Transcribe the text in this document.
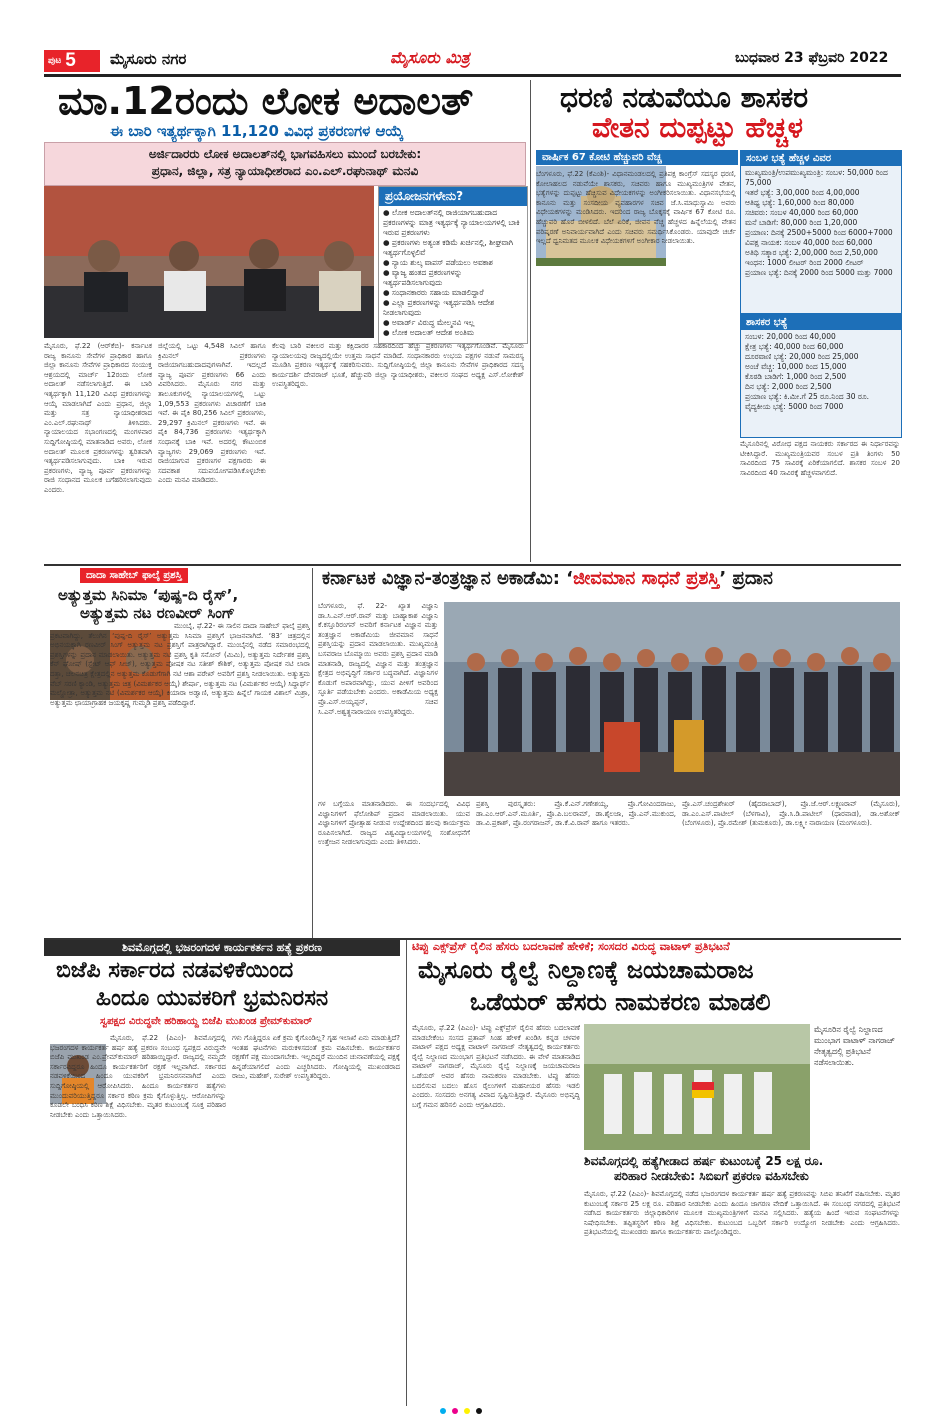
ಪುಟ 5 ಮೈಸೂರು ನಗರ	ಮೈಸೂರು ಮಿತ್ರ	ಬುಧವಾರ 23 ಫೆಬ್ರವರಿ 2022
ಮಾ.12ರಂದು ಲೋಕ ಅದಾಲತ್
ಈ ಬಾರಿ ಇತ್ಯರ್ಥಕ್ಕಾಗಿ 11,120 ವಿವಿಧ ಪ್ರಕರಣಗಳ ಆಯ್ಕೆ
ಅರ್ಜಿದಾರರು ಲೋಕ ಅದಾಲತ್‌ನಲ್ಲಿ ಭಾಗವಹಿಸಲು ಮುಂದೆ ಬರಬೇಕು:
ಪ್ರಧಾನ, ಜಿಲ್ಲಾ, ಸತ್ರ ನ್ಯಾಯಾಧೀಶರಾದ ಎಂ.ಎಲ್.ರಘುನಾಥ್ ಮನವಿ
ಪ್ರಯೋಜನಗಳೇನು?
● ಲೋಕ ಅದಾಲತ್‌ನಲ್ಲಿ ರಾಜಿಯಾಗಬಹುದಾದ ಪ್ರಕರಣಗಳನ್ನು ಮಾತ್ರ ಇತ್ಯರ್ಥಕ್ಕೆ ನ್ಯಾಯಾಲಯಗಳಲ್ಲಿ ಬಾಕಿ ಇರುವ ಪ್ರಕರಣಗಳು
● ಪ್ರಕರಣಗಳು ಅತ್ಯಂತ ಕಡಿಮೆ ಖರ್ಚಿನಲ್ಲಿ, ಶೀಘ್ರವಾಗಿ ಇತ್ಯರ್ಥಗೊಳ್ಳಲಿವೆ
● ನ್ಯಾಯ ಶುಲ್ಕ ವಾಪಸ್ ಪಡೆಯಲು ಅವಕಾಶ
● ವ್ಯಾಜ್ಯ ಹಂತದ ಪ್ರಕರಣಗಳನ್ನು ಇತ್ಯರ್ಥಪಡಿಸಲಾಗುವುದು
● ಸಂಧಾನಕಾರರು ಸಹಾಯ ಮಾಡಲಿದ್ದಾರೆ
● ಎಲ್ಲಾ ಪ್ರಕರಣಗಳನ್ನು ಇತ್ಯರ್ಥಪಡಿಸಿ ಆದೇಶ ನೀಡಲಾಗುವುದು
● ಅವಾರ್ಡ್ ವಿರುದ್ಧ ಮೇಲ್ಮನವಿ ಇಲ್ಲ
● ಲೋಕ ಅದಾಲತ್ ಆದೇಶ ಅಂತಿಮ
ಮೈಸೂರು, ಫೆ.22 (ಆರ್‌ಕೆಬಿ)- ಕರ್ನಾಟಕ ರಾಜ್ಯ ಕಾನೂನು ಸೇವೆಗಳ ಪ್ರಾಧಿಕಾರ ಹಾಗೂ ಜಿಲ್ಲಾ ಕಾನೂನು ಸೇವೆಗಳ ಪ್ರಾಧಿಕಾರದ ಸಂಯುಕ್ತ ಆಶ್ರಯದಲ್ಲಿ ಮಾರ್ಚ್ 12ರಂದು ಲೋಕ ಅದಾಲತ್ ನಡೆಸಲಾಗುತ್ತಿದೆ. ಈ ಬಾರಿ ಇತ್ಯರ್ಥಕ್ಕಾಗಿ 11,120 ವಿವಿಧ ಪ್ರಕರಣಗಳನ್ನು ಆಯ್ಕೆ ಮಾಡಲಾಗಿದೆ ಎಂದು ಪ್ರಧಾನ, ಜಿಲ್ಲಾ ಮತ್ತು ಸತ್ರ ನ್ಯಾಯಾಧೀಶರಾದ ಎಂ.ಎಲ್.ರಘುನಾಥ್ ತಿಳಿಸಿದರು. ನ್ಯಾಯಾಲಯದ ಸಭಾಂಗಣದಲ್ಲಿ ಮಂಗಳವಾರ ಸುದ್ದಿಗೋಷ್ಠಿಯಲ್ಲಿ ಮಾತನಾಡಿದ ಅವರು, ಲೋಕ ಅದಾಲತ್ ಮೂಲಕ ಪ್ರಕರಣಗಳನ್ನು ತ್ವರಿತವಾಗಿ ಇತ್ಯರ್ಥಪಡಿಸಲಾಗುವುದು. ಬಾಕಿ ಇರುವ ಪ್ರಕರಣಗಳು, ವ್ಯಾಜ್ಯ ಪೂರ್ವ ಪ್ರಕರಣಗಳನ್ನು ರಾಜಿ ಸಂಧಾನದ ಮೂಲಕ ಬಗೆಹರಿಸಲಾಗುವುದು ಎಂದರು.
ಜಿಲ್ಲೆಯಲ್ಲಿ ಒಟ್ಟು 4,548 ಸಿವಿಲ್ ಹಾಗೂ ಕ್ರಿಮಿನಲ್ ಪ್ರಕರಣಗಳು ರಾಜಿಯಾಗಬಹುದಾದವುಗಳಾಗಿವೆ. ಇದಲ್ಲದೆ ವ್ಯಾಜ್ಯ ಪೂರ್ವ ಪ್ರಕರಣಗಳು 66 ಎಂದು ವಿವರಿಸಿದರು. ಮೈಸೂರು ನಗರ ಮತ್ತು ತಾಲೂಕುಗಳಲ್ಲಿ ನ್ಯಾಯಾಲಯಗಳಲ್ಲಿ ಒಟ್ಟು 1,09,553 ಪ್ರಕರಣಗಳು ವಿಚಾರಣೆಗೆ ಬಾಕಿ ಇವೆ. ಈ ಪೈಕಿ 80,256 ಸಿವಿಲ್ ಪ್ರಕರಣಗಳು, 29,297 ಕ್ರಿಮಿನಲ್ ಪ್ರಕರಣಗಳು ಇವೆ. ಈ ಪೈಕಿ 84,736 ಪ್ರಕರಣಗಳು ಇತ್ಯರ್ಥಕ್ಕಾಗಿ ಸಂಧಾನಕ್ಕೆ ಬಾಕಿ ಇವೆ. ಅದರಲ್ಲಿ ಕೌಟುಂಬಿಕ ವ್ಯಾಜ್ಯಗಳು 29,069 ಪ್ರಕರಣಗಳು ಇವೆ. ರಾಜಿಯಾಗುವ ಪ್ರಕರಣಗಳ ಪಕ್ಷಗಾರರು ಈ ಸದವಕಾಶ ಸದುಪಯೋಗಪಡಿಸಿಕೊಳ್ಳಬೇಕು ಎಂದು ಮನವಿ ಮಾಡಿದರು.
ಕೆಲವು ಬಾರಿ ವಕೀಲರ ಮತ್ತು ಕಕ್ಷಿದಾರರ ಸಹಕಾರದಿಂದ ಹೆಚ್ಚು ಪ್ರಕರಣಗಳು ಇತ್ಯರ್ಥಗೊಂಡಿವೆ. ಮೈಸೂರು ನ್ಯಾಯಾಲಯವು ರಾಜ್ಯದಲ್ಲಿಯೇ ಉತ್ತಮ ಸಾಧನೆ ಮಾಡಿದೆ. ಸಂಧಾನಕಾರರು ಉಭಯ ಪಕ್ಷಗಳ ನಡುವೆ ಸಾಮರಸ್ಯ ಮೂಡಿಸಿ ಪ್ರಕರಣ ಇತ್ಯರ್ಥಕ್ಕೆ ಸಹಕರಿಸುವರು. ಸುದ್ದಿಗೋಷ್ಠಿಯಲ್ಲಿ ಜಿಲ್ಲಾ ಕಾನೂನು ಸೇವೆಗಳ ಪ್ರಾಧಿಕಾರದ ಸದಸ್ಯ ಕಾರ್ಯದರ್ಶಿ ದೇವರಾಜ್ ಭೂತೆ, ಹೆಚ್ಚುವರಿ ಜಿಲ್ಲಾ ನ್ಯಾಯಾಧೀಶರು, ವಕೀಲರ ಸಂಘದ ಅಧ್ಯಕ್ಷ ಎಸ್.ಲೋಕೇಶ್ ಉಪಸ್ಥಿತರಿದ್ದರು.
ಧರಣಿ ನಡುವೆಯೂ ಶಾಸಕರ
ವೇತನ ದುಪ್ಪಟ್ಟು ಹೆಚ್ಚಳ
ವಾರ್ಷಿಕ 67 ಕೋಟಿ ಹೆಚ್ಚುವರಿ ವೆಚ್ಚ
ಬೆಂಗಳೂರು, ಫೆ.22 (ಕೆಎಂಶಿ)- ವಿಧಾನಮಂಡಲದಲ್ಲಿ ಪ್ರತಿಪಕ್ಷ ಕಾಂಗ್ರೆಸ್ ಸದಸ್ಯರ ಧರಣಿ, ಕೋಲಾಹಲದ ನಡುವೆಯೇ ಶಾಸಕರು, ಸಚಿವರು ಹಾಗೂ ಮುಖ್ಯಮಂತ್ರಿಗಳ ವೇತನ, ಭತ್ಯೆಗಳನ್ನು ದುಪ್ಪಟ್ಟು ಹೆಚ್ಚಿಸುವ ವಿಧೇಯಕಗಳನ್ನು ಅಂಗೀಕರಿಸಲಾಯಿತು. ವಿಧಾನಸಭೆಯಲ್ಲಿ ಕಾನೂನು ಮತ್ತು ಸಂಸದೀಯ ವ್ಯವಹಾರಗಳ ಸಚಿವ ಜೆ.ಸಿ.ಮಾಧುಸ್ವಾಮಿ ಅವರು ವಿಧೇಯಕಗಳನ್ನು ಮಂಡಿಸಿದರು. ಇದರಿಂದ ರಾಜ್ಯ ಬೊಕ್ಕಸಕ್ಕೆ ವಾರ್ಷಿಕ 67 ಕೋಟಿ ರೂ. ಹೆಚ್ಚುವರಿ ಹೊರೆ ಬೀಳಲಿದೆ. ಬೆಲೆ ಏರಿಕೆ, ಜೀವನ ವೆಚ್ಚ ಹೆಚ್ಚಳದ ಹಿನ್ನೆಲೆಯಲ್ಲಿ ವೇತನ ಪರಿಷ್ಕರಣೆ ಅನಿವಾರ್ಯವಾಗಿದೆ ಎಂದು ಸಚಿವರು ಸಮರ್ಥಿಸಿಕೊಂಡರು. ಯಾವುದೇ ಚರ್ಚೆ ಇಲ್ಲದೆ ಧ್ವನಿಮತದ ಮೂಲಕ ವಿಧೇಯಕಗಳಿಗೆ ಅಂಗೀಕಾರ ನೀಡಲಾಯಿತು.
ಸಂಬಳ ಭತ್ಯೆ ಹೆಚ್ಚಳ ವಿವರ
ಮುಖ್ಯಮಂತ್ರಿ/ಉಪಮುಖ್ಯಮಂತ್ರಿ: ಸಂಬಳ: 50,000 ರಿಂದ 75,000
ಇತರೆ ಭತ್ಯೆ: 3,00,000 ರಿಂದ 4,00,000
ಆತಿಥ್ಯ ಭತ್ಯೆ: 1,60,000 ರಿಂದ 80,000
ಸಚಿವರು: ಸಂಬಳ 40,000 ರಿಂದ 60,000
ಮನೆ ಬಾಡಿಗೆ: 80,000 ರಿಂದ 1,20,000
ಪ್ರಯಾಣ: ದಿನಕ್ಕೆ 2500+5000 ರಿಂದ 6000+7000
ವಿಪಕ್ಷ ನಾಯಕ: ಸಂಬಳ 40,000 ರಿಂದ 60,000
ಅತಿಥಿ ಸತ್ಕಾರ ಭತ್ಯೆ: 2,00,000 ರಿಂದ 2,50,000
ಇಂಧನ: 1000 ಲೀಟರ್ ರಿಂದ 2000 ಲೀಟರ್
ಪ್ರಯಾಣ ಭತ್ಯೆ: ದಿನಕ್ಕೆ 2000 ರಿಂದ 5000 ಮತ್ತು 7000
ಶಾಸಕರ ಭತ್ಯೆ
ಸಂಬಳ: 20,000 ರಿಂದ 40,000
ಕ್ಷೇತ್ರ ಭತ್ಯೆ: 40,000 ರಿಂದ 60,000
ದೂರವಾಣಿ ಭತ್ಯೆ: 20,000 ರಿಂದ 25,000
ಅಂಚೆ ವೆಚ್ಚ: 10,000 ರಿಂದ 15,000
ಕೊಠಡಿ ಬಾಡಿಗೆ: 1,000 ರಿಂದ 2,500
ದಿನ ಭತ್ಯೆ: 2,000 ರಿಂದ 2,500
ಪ್ರಯಾಣ ಭತ್ಯೆ: ಕಿ.ಮೀ.ಗೆ 25 ರೂ.ನಿಂದ 30 ರೂ.
ವೈದ್ಯಕೀಯ ಭತ್ಯೆ: 5000 ರಿಂದ 7000
ಮೈಸೂರಿನಲ್ಲಿ ವಿರೋಧ ಪಕ್ಷದ ನಾಯಕರು ಸರ್ಕಾರದ ಈ ನಿರ್ಧಾರವನ್ನು ಟೀಕಿಸಿದ್ದಾರೆ. ಮುಖ್ಯಮಂತ್ರಿಯವರ ಸಂಬಳ ಪ್ರತಿ ತಿಂಗಳು 50 ಸಾವಿರದಿಂದ 75 ಸಾವಿರಕ್ಕೆ ಏರಿಕೆಯಾಗಲಿದೆ. ಶಾಸಕರ ಸಂಬಳ 20 ಸಾವಿರದಿಂದ 40 ಸಾವಿರಕ್ಕೆ ಹೆಚ್ಚಳವಾಗಲಿದೆ.
ದಾದಾ ಸಾಹೇಬ್ ಫಾಲ್ಕೆ ಪ್ರಶಸ್ತಿ
ಅತ್ಯುತ್ತಮ ಸಿನಿಮಾ ‘ಪುಷ್ಪ-ದಿ ರೈಸ್’,
ಅತ್ಯುತ್ತಮ ನಟ ರಣವೀರ್ ಸಿಂಗ್
ಮುಂಬೈ, ಫೆ.22- ಈ ಸಾಲಿನ ದಾದಾ ಸಾಹೇಬ್ ಫಾಲ್ಕೆ ಪ್ರಶಸ್ತಿ ಪ್ರಕಟವಾಗಿದ್ದು, ತೆಲುಗಿನ ‘ಪುಷ್ಪ-ದಿ ರೈಸ್’ ಅತ್ಯುತ್ತಮ ಸಿನಿಮಾ ಪ್ರಶಸ್ತಿಗೆ ಭಾಜನವಾಗಿದೆ. ‘83’ ಚಿತ್ರದಲ್ಲಿನ ಅಭಿನಯಕ್ಕಾಗಿ ರಣವೀರ್ ಸಿಂಗ್ ಅತ್ಯುತ್ತಮ ನಟ ಪ್ರಶಸ್ತಿಗೆ ಪಾತ್ರರಾಗಿದ್ದಾರೆ. ಮುಂಬೈನಲ್ಲಿ ನಡೆದ ಸಮಾರಂಭದಲ್ಲಿ ಪ್ರಶಸ್ತಿಗಳನ್ನು ಪ್ರದಾನ ಮಾಡಲಾಯಿತು. ಅತ್ಯುತ್ತಮ ನಟಿ ಪ್ರಶಸ್ತಿ ಕೃತಿ ಸನೋನ್ (ಮಿಮಿ), ಅತ್ಯುತ್ತಮ ನಿರ್ದೇಶಕ ಪ್ರಶಸ್ತಿ ಕೆನ್ ಘೋಷ್ (ಸ್ಟೇಟ್ ಆಫ್ ಸೀಜ್), ಅತ್ಯುತ್ತಮ ಪೋಷಕ ನಟ ಸತೀಶ್ ಕೌಶಿಕ್, ಅತ್ಯುತ್ತಮ ಪೋಷಕ ನಟಿ ಲಾರಾ ದತ್ತಾ, ಚಲನಚಿತ್ರ ಕ್ಷೇತ್ರದಲ್ಲಿನ ಅತ್ಯುತ್ತಮ ಕೊಡುಗೆಗಾಗಿ ನಟಿ ಆಶಾ ಪರೇಖ್ ಅವರಿಗೆ ಪ್ರಶಸ್ತಿ ನೀಡಲಾಯಿತು. ಅತ್ಯುತ್ತಮ ವೆಬ್ ಸರಣಿ ಕ್ಯಾಂಡಿ, ಅತ್ಯುತ್ತಮ ಚಿತ್ರ (ವಿಮರ್ಶಕರ ಆಯ್ಕೆ) ಶೇರ್ಷಾ, ಅತ್ಯುತ್ತಮ ನಟ (ವಿಮರ್ಶಕರ ಆಯ್ಕೆ) ಸಿದ್ಧಾರ್ಥ್ ಮಲ್ಹೋತ್ರಾ, ಅತ್ಯುತ್ತಮ ನಟಿ (ವಿಮರ್ಶಕರ ಆಯ್ಕೆ) ಕಿಯಾರಾ ಅಡ್ವಾಣಿ, ಅತ್ಯುತ್ತಮ ಹಿನ್ನೆಲೆ ಗಾಯಕ ವಿಶಾಲ್ ಮಿಶ್ರಾ, ಅತ್ಯುತ್ತಮ ಛಾಯಾಗ್ರಾಹಕ ಜಯಕೃಷ್ಣ ಗುಮ್ಮಡಿ ಪ್ರಶಸ್ತಿ ಪಡೆದಿದ್ದಾರೆ.
ಕರ್ನಾಟಕ ವಿಜ್ಞಾನ-ತಂತ್ರಜ್ಞಾನ ಅಕಾಡೆಮಿ: ‘ಜೀವಮಾನ ಸಾಧನೆ ಪ್ರಶಸ್ತಿ’ ಪ್ರದಾನ
ಬೆಂಗಳೂರು, ಫೆ. 22- ಖ್ಯಾತ ವಿಜ್ಞಾನಿ ಡಾ.ಸಿ.ಎನ್.ಆರ್.ರಾವ್ ಮತ್ತು ಬಾಹ್ಯಾಕಾಶ ವಿಜ್ಞಾನಿ ಕೆ.ಕಸ್ತೂರಿರಂಗನ್ ಅವರಿಗೆ ಕರ್ನಾಟಕ ವಿಜ್ಞಾನ ಮತ್ತು ತಂತ್ರಜ್ಞಾನ ಅಕಾಡೆಮಿಯ ಜೀವಮಾನ ಸಾಧನೆ ಪ್ರಶಸ್ತಿಯನ್ನು ಪ್ರದಾನ ಮಾಡಲಾಯಿತು. ಮುಖ್ಯಮಂತ್ರಿ ಬಸವರಾಜ ಬೊಮ್ಮಾಯಿ ಅವರು ಪ್ರಶಸ್ತಿ ಪ್ರದಾನ ಮಾಡಿ ಮಾತನಾಡಿ, ರಾಜ್ಯದಲ್ಲಿ ವಿಜ್ಞಾನ ಮತ್ತು ತಂತ್ರಜ್ಞಾನ ಕ್ಷೇತ್ರದ ಅಭಿವೃದ್ಧಿಗೆ ಸರ್ಕಾರ ಬದ್ಧವಾಗಿದೆ. ವಿಜ್ಞಾನಿಗಳ ಕೊಡುಗೆ ಅಪಾರವಾಗಿದ್ದು, ಯುವ ಪೀಳಿಗೆ ಅವರಿಂದ ಸ್ಫೂರ್ತಿ ಪಡೆಯಬೇಕು ಎಂದರು. ಅಕಾಡೆಮಿಯ ಅಧ್ಯಕ್ಷ ಪ್ರೊ.ಎಸ್.ಅಯ್ಯಪ್ಪನ್, ಸಚಿವ ಸಿ.ಎನ್.ಅಶ್ವತ್ಥನಾರಾಯಣ ಉಪಸ್ಥಿತರಿದ್ದರು.
ಗಳ ಬಗ್ಗೆಯೂ ಮಾತನಾಡಿದರು. ಈ ಸಂದರ್ಭದಲ್ಲಿ ವಿವಿಧ ವಿಜ್ಞಾನಿಗಳಿಗೆ ಫೆಲೋಶಿಪ್ ಪ್ರದಾನ ಮಾಡಲಾಯಿತು. ಯುವ ವಿಜ್ಞಾನಿಗಳಿಗೆ ಪ್ರೋತ್ಸಾಹ ನೀಡುವ ಉದ್ದೇಶದಿಂದ ಹಲವು ಕಾರ್ಯಕ್ರಮ ರೂಪಿಸಲಾಗಿದೆ. ರಾಜ್ಯದ ವಿಶ್ವವಿದ್ಯಾಲಯಗಳಲ್ಲಿ ಸಂಶೋಧನೆಗೆ ಉತ್ತೇಜನ ನೀಡಲಾಗುವುದು ಎಂದು ತಿಳಿಸಿದರು.
ಪ್ರಶಸ್ತಿ ಪುರಸ್ಕೃತರು: ಪ್ರೊ.ಕೆ.ಎನ್.ಗಣೇಶಯ್ಯ, ಪ್ರೊ.ಗೋವಿಂದರಾಜು, ಡಾ.ಎಂ.ಆರ್.ಎನ್.ಮೂರ್ತಿ, ಪ್ರೊ.ಪಿ.ಬಲರಾಮ್, ಡಾ.ಶೈಲಜಾ, ಪ್ರೊ.ಎನ್.ಮುಕುಂದ, ಡಾ.ವಿ.ಪ್ರಕಾಶ್, ಪ್ರೊ.ರಂಗರಾಜನ್, ಡಾ.ಕೆ.ವಿ.ರಾವ್ ಹಾಗೂ ಇತರರು.
ಪ್ರೊ.ಎಸ್.ಚಂದ್ರಶೇಖರ್ (ಹೈದರಾಬಾದ್), ಪ್ರೊ.ಜೆ.ಆರ್.ಲಕ್ಷ್ಮಣರಾವ್ (ಮೈಸೂರು), ಡಾ.ಎಂ.ಎಸ್.ಪಾಟೀಲ್ (ಬೆಳಗಾವಿ), ಪ್ರೊ.ಸಿ.ಡಿ.ಪಾಟೀಲ್ (ಧಾರವಾಡ), ಡಾ.ಅಶೋಕ್ (ಬೆಂಗಳೂರು), ಪ್ರೊ.ರಮೇಶ್ (ತುಮಕೂರು), ಡಾ.ಲಕ್ಷ್ಮೀ ನಾರಾಯಣ (ಮಂಗಳೂರು).
ಶಿವಮೊಗ್ಗದಲ್ಲಿ ಭಜರಂಗದಳ ಕಾರ್ಯಕರ್ತನ ಹತ್ಯೆ ಪ್ರಕರಣ
ಬಿಜೆಪಿ ಸರ್ಕಾರದ ನಡವಳಿಕೆಯಿಂದ
ಹಿಂದೂ ಯುವಕರಿಗೆ ಭ್ರಮನಿರಸನ
ಸ್ವಪಕ್ಷದ ವಿರುದ್ಧವೇ ಹರಿಹಾಯ್ದ ಬಿಜೆಪಿ ಮುಖಂಡ ಪ್ರೇಮ್‌ಕುಮಾರ್
ಮೈಸೂರು, ಫೆ.22 (ಪಿಎಂ)- ಶಿವಮೊಗ್ಗದಲ್ಲಿ ಭಜರಂಗದಳ ಕಾರ್ಯಕರ್ತ ಹರ್ಷ ಹತ್ಯೆ ಪ್ರಕರಣ ಸಂಬಂಧ ಸ್ವಪಕ್ಷದ ವಿರುದ್ಧವೇ ಬಿಜೆಪಿ ಮುಖಂಡ ಎಂ.ಪ್ರೇಮ್‌ಕುಮಾರ್ ಹರಿಹಾಯ್ದಿದ್ದಾರೆ. ರಾಜ್ಯದಲ್ಲಿ ನಮ್ಮದೇ ಸರ್ಕಾರವಿದ್ದರೂ ಹಿಂದೂ ಕಾರ್ಯಕರ್ತರಿಗೆ ರಕ್ಷಣೆ ಇಲ್ಲವಾಗಿದೆ. ಸರ್ಕಾರದ ನಡವಳಿಕೆಯಿಂದ ಹಿಂದೂ ಯುವಕರಿಗೆ ಭ್ರಮನಿರಸನವಾಗಿದೆ ಎಂದು ಸುದ್ದಿಗೋಷ್ಠಿಯಲ್ಲಿ ಆರೋಪಿಸಿದರು. ಹಿಂದೂ ಕಾರ್ಯಕರ್ತರ ಹತ್ಯೆಗಳು ಮುಂದುವರಿಯುತ್ತಿದ್ದರೂ ಸರ್ಕಾರ ಕಠಿಣ ಕ್ರಮ ಕೈಗೊಳ್ಳುತ್ತಿಲ್ಲ. ಆರೋಪಿಗಳನ್ನು ಕೂಡಲೇ ಬಂಧಿಸಿ ಕಠಿಣ ಶಿಕ್ಷೆ ವಿಧಿಸಬೇಕು. ಮೃತರ ಕುಟುಂಬಕ್ಕೆ ಸೂಕ್ತ ಪರಿಹಾರ ನೀಡಬೇಕು ಎಂದು ಒತ್ತಾಯಿಸಿದರು.
ಗಳು ಗೊತ್ತಿದ್ದರೂ ಏಕೆ ಕ್ರಮ ಕೈಗೊಂಡಿಲ್ಲ? ಗೃಹ ಇಲಾಖೆ ಏನು ಮಾಡುತ್ತಿದೆ? ಇಂತಹ ಘಟನೆಗಳು ಮರುಕಳಿಸದಂತೆ ಕ್ರಮ ವಹಿಸಬೇಕು. ಕಾರ್ಯಕರ್ತರ ರಕ್ಷಣೆಗೆ ಪಕ್ಷ ಮುಂದಾಗಬೇಕು. ಇಲ್ಲದಿದ್ದರೆ ಮುಂದಿನ ಚುನಾವಣೆಯಲ್ಲಿ ಪಕ್ಷಕ್ಕೆ ಹಿನ್ನಡೆಯಾಗಲಿದೆ ಎಂದು ಎಚ್ಚರಿಸಿದರು. ಗೋಷ್ಠಿಯಲ್ಲಿ ಮುಖಂಡರಾದ ರಾಜು, ಮಹೇಶ್, ಸುರೇಶ್ ಉಪಸ್ಥಿತರಿದ್ದರು.
ಟಿಪ್ಪು ಎಕ್ಸ್‌ಪ್ರೆಸ್ ರೈಲಿನ ಹೆಸರು ಬದಲಾವಣೆ ಹೇಳಿಕೆ; ಸಂಸದರ ವಿರುದ್ಧ ವಾಟಾಳ್ ಪ್ರತಿಭಟನೆ
ಮೈಸೂರು ರೈಲ್ವೆ ನಿಲ್ದಾಣಕ್ಕೆ ಜಯಚಾಮರಾಜ
ಒಡೆಯರ್ ಹೆಸರು ನಾಮಕರಣ ಮಾಡಲಿ
ಮೈಸೂರು, ಫೆ.22 (ಪಿಎಂ)- ಟಿಪ್ಪು ಎಕ್ಸ್‌ಪ್ರೆಸ್ ರೈಲಿನ ಹೆಸರು ಬದಲಾವಣೆ ಮಾಡಬೇಕೆಂಬ ಸಂಸದ ಪ್ರತಾಪ್ ಸಿಂಹ ಹೇಳಿಕೆ ಖಂಡಿಸಿ ಕನ್ನಡ ಚಳವಳಿ ವಾಟಾಳ್ ಪಕ್ಷದ ಅಧ್ಯಕ್ಷ ವಾಟಾಳ್ ನಾಗರಾಜ್ ನೇತೃತ್ವದಲ್ಲಿ ಕಾರ್ಯಕರ್ತರು ರೈಲ್ವೆ ನಿಲ್ದಾಣದ ಮುಂಭಾಗ ಪ್ರತಿಭಟನೆ ನಡೆಸಿದರು. ಈ ವೇಳೆ ಮಾತನಾಡಿದ ವಾಟಾಳ್ ನಾಗರಾಜ್, ಮೈಸೂರು ರೈಲ್ವೆ ನಿಲ್ದಾಣಕ್ಕೆ ಜಯಚಾಮರಾಜ ಒಡೆಯರ್ ಅವರ ಹೆಸರು ನಾಮಕರಣ ಮಾಡಬೇಕು. ಟಿಪ್ಪು ಹೆಸರು ಬದಲಿಸುವ ಬದಲು ಹೊಸ ರೈಲುಗಳಿಗೆ ಮಹನೀಯರ ಹೆಸರು ಇಡಲಿ ಎಂದರು. ಸಂಸದರು ಅನಗತ್ಯ ವಿವಾದ ಸೃಷ್ಟಿಸುತ್ತಿದ್ದಾರೆ. ಮೈಸೂರು ಅಭಿವೃದ್ಧಿ ಬಗ್ಗೆ ಗಮನ ಹರಿಸಲಿ ಎಂದು ಆಗ್ರಹಿಸಿದರು.
ಮೈಸೂರಿನ ರೈಲ್ವೆ ನಿಲ್ದಾಣದ ಮುಂಭಾಗ ವಾಟಾಳ್ ನಾಗರಾಜ್ ನೇತೃತ್ವದಲ್ಲಿ ಪ್ರತಿಭಟನೆ ನಡೆಸಲಾಯಿತು.
ಶಿವಮೊಗ್ಗದಲ್ಲಿ ಹತ್ಯೆಗೀಡಾದ ಹರ್ಷ ಕುಟುಂಬಕ್ಕೆ 25 ಲಕ್ಷ ರೂ.
ಪರಿಹಾರ ನೀಡಬೇಕು: ಸಿಬಿಐಗೆ ಪ್ರಕರಣ ವಹಿಸಬೇಕು
ಮೈಸೂರು, ಫೆ.22 (ಪಿಎಂ)- ಶಿವಮೊಗ್ಗದಲ್ಲಿ ನಡೆದ ಭಜರಂಗದಳ ಕಾರ್ಯಕರ್ತ ಹರ್ಷ ಹತ್ಯೆ ಪ್ರಕರಣವನ್ನು ಸಿಬಿಐ ತನಿಖೆಗೆ ವಹಿಸಬೇಕು. ಮೃತರ ಕುಟುಂಬಕ್ಕೆ ಸರ್ಕಾರ 25 ಲಕ್ಷ ರೂ. ಪರಿಹಾರ ನೀಡಬೇಕು ಎಂದು ಹಿಂದೂ ಜಾಗರಣ ವೇದಿಕೆ ಒತ್ತಾಯಿಸಿದೆ. ಈ ಸಂಬಂಧ ನಗರದಲ್ಲಿ ಪ್ರತಿಭಟನೆ ನಡೆಸಿದ ಕಾರ್ಯಕರ್ತರು ಜಿಲ್ಲಾಧಿಕಾರಿಗಳ ಮೂಲಕ ಮುಖ್ಯಮಂತ್ರಿಗಳಿಗೆ ಮನವಿ ಸಲ್ಲಿಸಿದರು. ಹತ್ಯೆಯ ಹಿಂದೆ ಇರುವ ಸಂಘಟನೆಗಳನ್ನು ನಿಷೇಧಿಸಬೇಕು. ತಪ್ಪಿತಸ್ಥರಿಗೆ ಕಠಿಣ ಶಿಕ್ಷೆ ವಿಧಿಸಬೇಕು. ಕುಟುಂಬದ ಒಬ್ಬರಿಗೆ ಸರ್ಕಾರಿ ಉದ್ಯೋಗ ನೀಡಬೇಕು ಎಂದು ಆಗ್ರಹಿಸಿದರು. ಪ್ರತಿಭಟನೆಯಲ್ಲಿ ಮುಖಂಡರು ಹಾಗೂ ಕಾರ್ಯಕರ್ತರು ಪಾಲ್ಗೊಂಡಿದ್ದರು.
